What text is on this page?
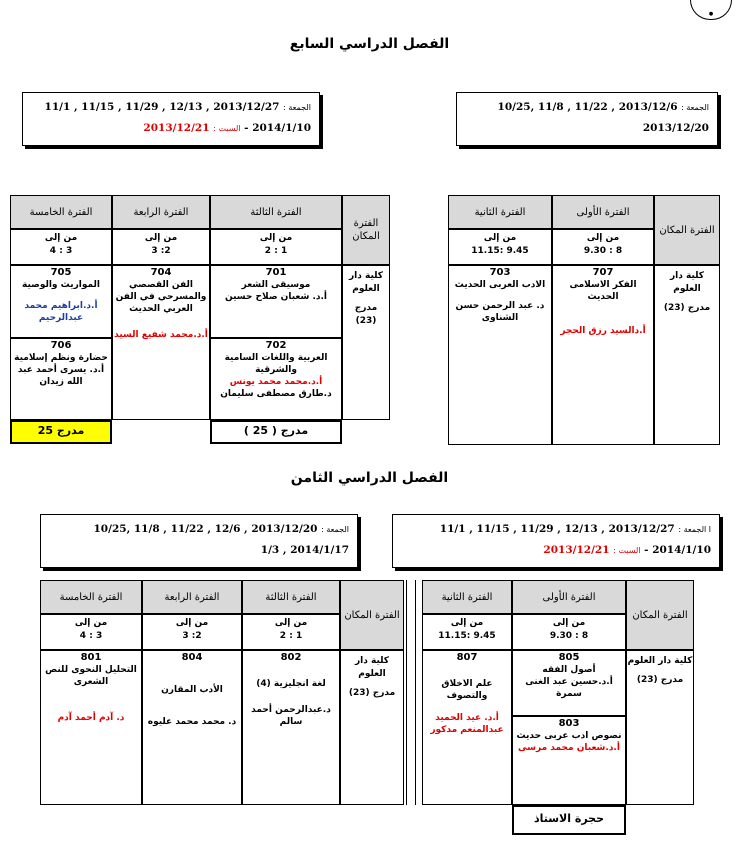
●
الفصل الدراسي السابع
الجمعة : 2013/12/6 , 11/22 , 11/8 ,10/25
2013/12/20
الجمعة : 2013/12/27 , 12/13 , 11/29 , 11/15 , 11/1
2014/1/10 - السبت : 2013/12/21
الفترة المكان
الفترة الأولى
الفترة الثانية
من إلى
8 : 9.30
من إلى
9.45 :11.15
كلية دار العلوم
مدرج (23)
707
الفكر الاسلامى الحديث
أ.دالسيد رزق الحجر
703
الادب العربى الحديث
د. عبد الرحمن حسن الشناوى
الفترة المكان
الفترة الثالثة
الفترة الرابعة
الفترة الخامسة
من إلى
1 : 2
من إلى
2: 3
من إلى
3 : 4
كلية دار العلوم
مدرج (23)
701
موسيقى الشعر
أ.د. شعبان صلاح حسين
702
العربية واللغات السامية والشرقية
أ.د.محمد محمد يونس
د.طارق مصطفى سليمان
704
الفن القصصي والمسرحي في الفن العربي الحديث
أ.د.محمد شفيع السيد
705
المواريث والوصية
أ.د.ابراهيم محمد عبدالرحيم
706
حضارة ونظم إسلامية
أ.د. يسرى أحمد عبد الله زيدان
مدرج ( 25 )
مدرج 25
الفصل الدراسي الثامن
ا الجمعة : 2013/12/27 , 12/13 , 11/29 , 11/15 , 11/1
2014/1/10 - السبت : 2013/12/21
الجمعة : 2013/12/20 , 12/6 , 11/22 , 11/8 ,10/25
2014/1/17 , 1/3
الفترة المكان
الفترة الأولى
الفترة الثانية
من إلى
8 : 9.30
من إلى
9.45 :11.15
كلية دار العلوم
مدرج (23)
805
أصول الفقه
أ.د.حسين عبد الغنى سمرة
803
نصوص ادب عربى حديث
أ.د.شعبان محمد مرسى
807
علم الاخلاق والتصوف
أ.د. عيد الحميد عبدالمنعم مدكور
حجرة الاستاذ
الفترة المكان
الفترة الثالثة
الفترة الرابعة
الفترة الخامسة
من إلى
1 : 2
من إلى
2: 3
من إلى
3 : 4
كلية دار العلوم
مدرج (23)
802
لغة انجليزية (4)
د.عبدالرحمن أحمد سالم
804
الأدب المقارن
د. محمد محمد عليوه
801
التحليل النحوى للنص الشعرى
د. آدم أحمد آدم
